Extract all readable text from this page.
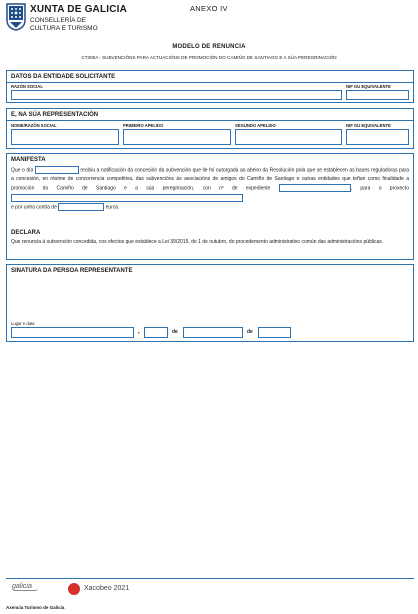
XUNTA DE GALICIA
CONSELLERÍA DE
CULTURA E TURISMO
ANEXO IV
MODELO DE RENUNCIA
CT300A - SUBVENCIÓNS PARA ACTUACIÓNS DE PROMOCIÓN DO CAMIÑO DE SANTIAGO E A SÚA PEREGRINACIÓN
DATOS DA ENTIDADE SOLICITANTE
RAZÓN SOCIAL	NIF OU EQUIVALENTE
E, NA SÚA REPRESENTACIÓN
NOME/RAZÓN SOCIAL	PRIMEIRO APELIDO	SEGUNDO APELIDO	NIF OU EQUIVALENTE
MANIFESTA
Que o día	recibiu a notificación da concesión da subvención que lle foi outorgada ao abeiro da Resolución pola que se establecen as bases reguladoras para a concesión, en réxime de concorrencia competitiva, das subvencións ás asociacións de amigos do Camiño de Santiago e outras entidades que teñan como finalidade a promoción do Camiño de Santiago e a súa peregrinación, con nº de expediente	, para o proxecto
e por unha contía de	euros.
DECLARA
Que renuncia á subvención concedida, cos efectos que establece a Lei 39/2015, do 1 de outubro, do procedemento administrativo común das administracións públicas.
SINATURA DA PERSOA REPRESENTANTE
Lugar e data
,	de	de
galicia	Xacobeo 2021
Axencia Turismo de Galicia
